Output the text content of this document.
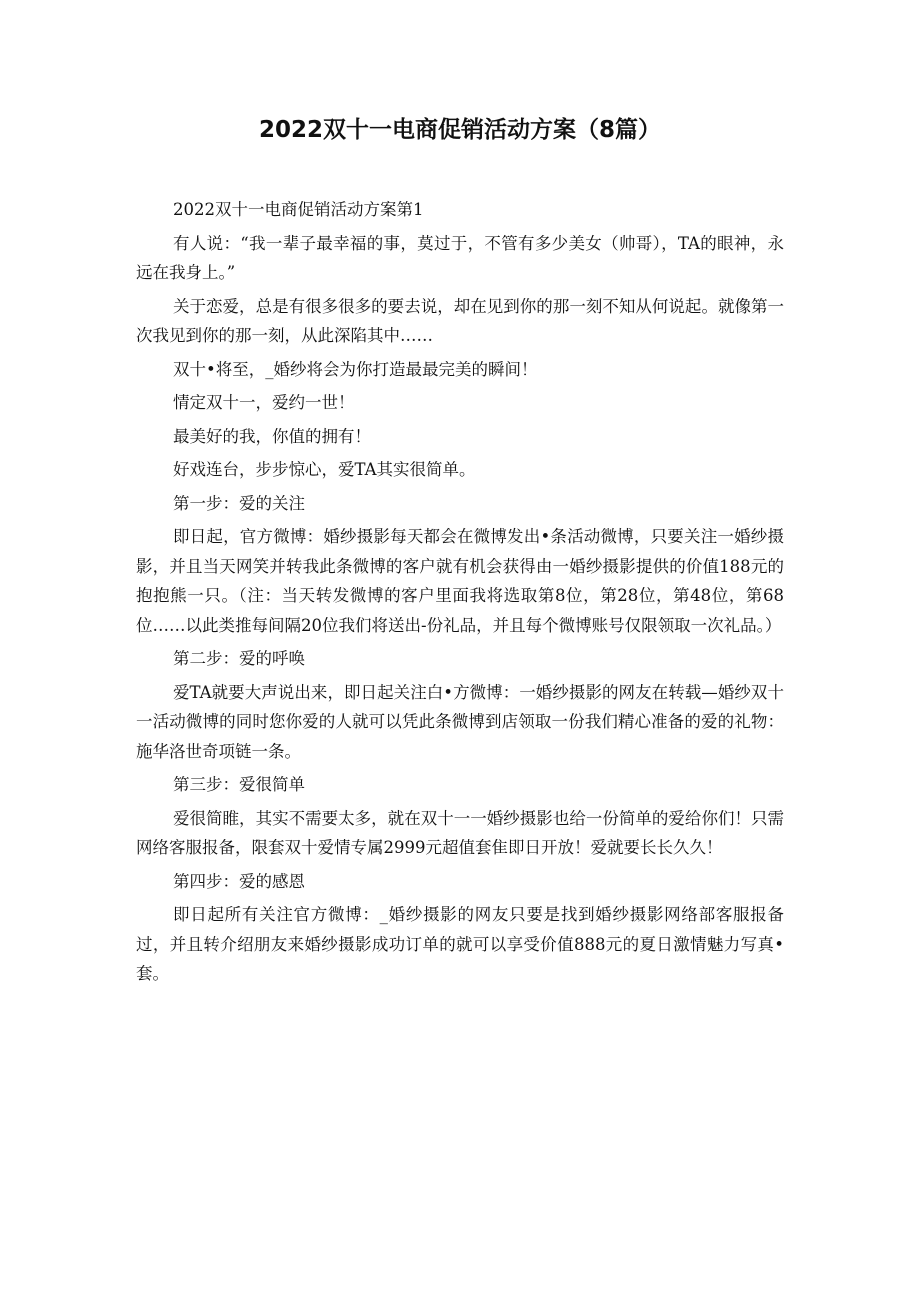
2022双十一电商促销活动方案（8篇）

2022双十一电商促销活动方案第1

有人说：“我一辈子最幸福的事，莫过于，不管有多少美女（帅哥），TA的眼神，永远在我身上。”

关于恋爱，总是有很多很多的要去说，却在见到你的那一刻不知从何说起。就像第一次我见到你的那一刻，从此深陷其中……

双十•将至，_婚纱将会为你打造最最完美的瞬间！

情定双十一，爱约一世！

最美好的我，你值的拥有！

好戏连台，步步惊心，爱TA其实很简单。

第一步：爱的关注

即日起，官方微博：婚纱摄影每天都会在微博发出•条活动微博，只要关注一婚纱摄影，并且当天网笑并转我此条微博的客户就有机会获得由一婚纱摄影提供的价值188元的抱抱熊一只。（注：当天转发微博的客户里面我将选取第8位，第28位，第48位，第68位……以此类推每间隔20位我们将送出-份礼品，并且每个微博账号仅限领取一次礼品。）

第二步：爱的呼唤

爱TA就要大声说出来，即日起关注白•方微博：一婚纱摄影的网友在转载—婚纱双十一活动微博的同时您你爱的人就可以凭此条微博到店领取一份我们精心准备的爱的礼物：施华洛世奇项链一条。

第三步：爱很简单

爱很简睢，其实不需要太多，就在双十一一婚纱摄影也给一份简单的爱给你们！只需网络客服报备，限套双十爱情专属2999元超值套隹即日开放！爱就要长长久久！

第四步：爱的感恩

即日起所有关注官方微博：_婚纱摄影的网友只要是找到婚纱摄影网络部客服报备过，并且转介绍朋友来婚纱摄影成功订单的就可以享受价值888元的夏日激情魅力写真•套。
